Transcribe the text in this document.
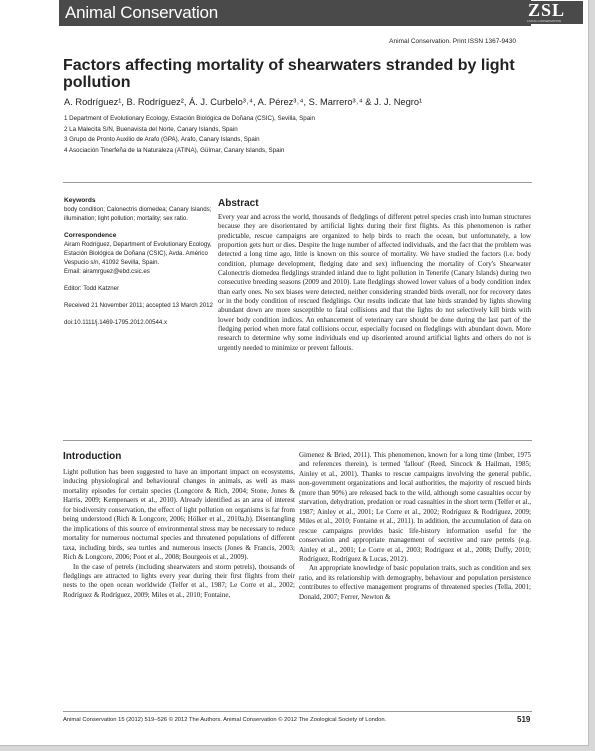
Animal Conservation	ZSL
LIVING CONSERVATION
Animal Conservation. Print ISSN 1367-9430
Factors affecting mortality of shearwaters stranded by light pollution
A. Rodríguez¹, B. Rodríguez², Á. J. Curbelo³˒⁴, A. Pérez³˒⁴, S. Marrero³˒⁴ & J. J. Negro¹
1 Department of Evolutionary Ecology, Estación Biológica de Doñana (CSIC), Sevilla, Spain
2 La Malecita S/N, Buenavista del Norte, Canary Islands, Spain
3 Grupo de Pronto Auxilio de Arafo (GPA), Arafo, Canary Islands, Spain
4 Asociación Tinerfeña de la Naturaleza (ATINA), Güímar, Canary Islands, Spain
Keywords
body condition; Calonectris diomedea; Canary Islands; illumination; light pollution; mortality; sex ratio.
Correspondence
Airam Rodríguez, Department of Evolutionary Ecology, Estación Biológica de Doñana (CSIC), Avda. Américo Vespucio s/n, 41092 Sevilla, Spain.
Email: airamrguez@ebd.csic.es
Editor: Todd Katzner
Received 21 November 2011; accepted 13 March 2012
doi:10.1111/j.1469-1795.2012.00544.x
Abstract
Every year and across the world, thousands of fledglings of different petrel species crash into human structures because they are disorientated by artificial lights during their first flights. As this phenomenon is rather predictable, rescue campaigns are organized to help birds to reach the ocean, but unfortunately, a low proportion gets hurt or dies. Despite the huge number of affected individuals, and the fact that the problem was detected a long time ago, little is known on this source of mortality. We have studied the factors (i.e. body condition, plumage development, fledging date and sex) influencing the mortality of Cory's Shearwater Calonectris diomedea fledglings stranded inland due to light pollution in Tenerife (Canary Islands) during two consecutive breeding seasons (2009 and 2010). Late fledglings showed lower values of a body condition index than early ones. No sex biases were detected, neither considering stranded birds overall, nor for recovery dates or in the body condition of rescued fledglings. Our results indicate that late birds stranded by lights showing abundant down are more susceptible to fatal collisions and that the lights do not selectively kill birds with lower body condition indices. An enhancement of veterinary care should be done during the last part of the fledging period when more fatal collisions occur, especially focused on fledglings with abundant down. More research to determine why some individuals end up disoriented around artificial lights and others do not is urgently needed to minimize or prevent fallouts.
Introduction

Light pollution has been suggested to have an important impact on ecosystems, inducing physiological and behavioural changes in animals, as well as mass mortality episodes for certain species (Longcore & Rich, 2004; Stone, Jones & Harris, 2009; Kempenaers et al., 2010). Already identified as an area of interest for biodiversity conservation, the effect of light pollution on organisms is far from being understood (Rich & Longcore, 2006; Hölker et al., 2010a,b). Disentangling the implications of this source of environmental stress may be necessary to reduce mortality for numerous nocturnal species and threatened populations of different taxa, including birds, sea turtles and numerous insects (Jones & Francis, 2003; Rich & Longcore, 2006; Poot et al., 2008; Bourgeois et al., 2009).

In the case of petrels (including shearwaters and storm petrels), thousands of fledglings are attracted to lights every year during their first flights from their nests to the open ocean worldwide (Telfer et al., 1987; Le Corre et al., 2002; Rodríguez & Rodríguez, 2009; Miles et al., 2010; Fontaine,

Gimenez & Bried, 2011). This phenomenon, known for a long time (Imber, 1975 and references therein), is termed 'fallout' (Reed, Sincock & Hailman, 1985; Ainley et al., 2001). Thanks to rescue campaigns involving the general public, non-government organizations and local authorities, the majority of rescued birds (more than 90%) are released back to the wild, although some casualties occur by starvation, dehydration, predation or road casualties in the short term (Telfer et al., 1987; Ainley et al., 2001; Le Corre et al., 2002; Rodríguez & Rodríguez, 2009; Miles et al., 2010; Fontaine et al., 2011). In addition, the accumulation of data on rescue campaigns provides basic life-history information useful for the conservation and appropriate management of secretive and rare petrels (e.g. Ainley et al., 2001; Le Corre et al., 2003; Rodríguez et al., 2008; Duffy, 2010; Rodríguez, Rodríguez & Lucas, 2012).

An appropriate knowledge of basic population traits, such as condition and sex ratio, and its relationship with demography, behaviour and population persistence contributes to effective management programs of threatened species (Tella, 2001; Donald, 2007; Ferrer, Newton &

Animal Conservation 15 (2012) 519–526 © 2012 The Authors. Animal Conservation © 2012 The Zoological Society of London.	519
